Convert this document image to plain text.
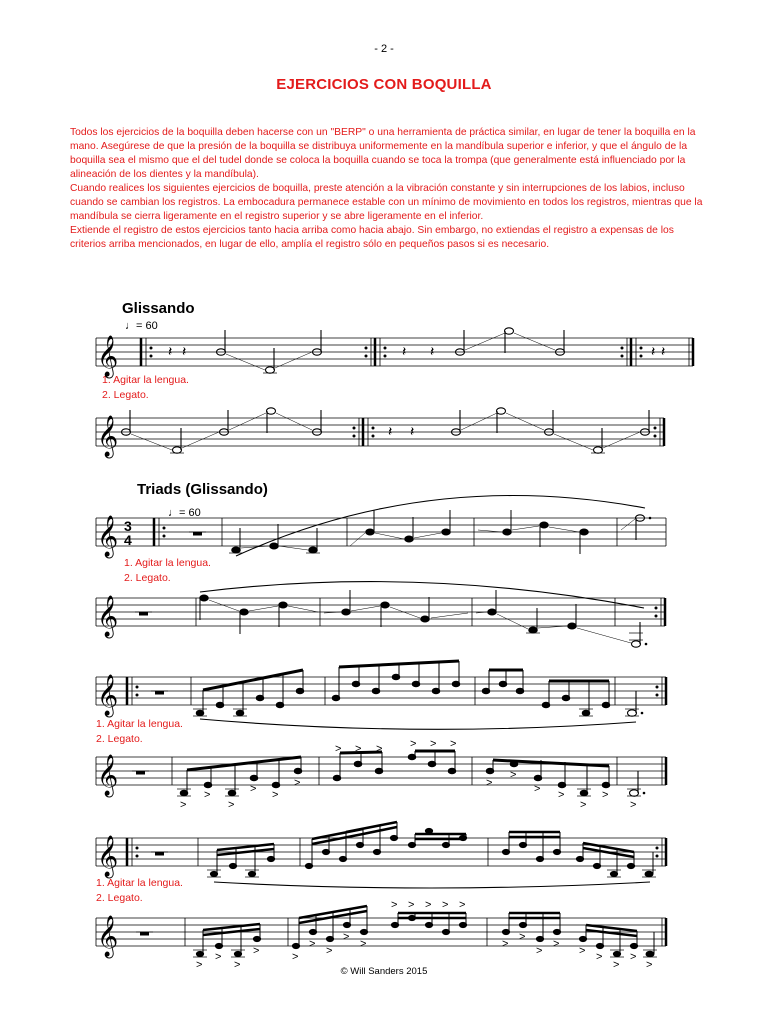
- 2 -
EJERCICIOS CON BOQUILLA

Todos los ejercicios de la boquilla deben hacerse con un "BERP" o una herramienta de práctica similar, en lugar de tener la boquilla en la mano. Asegúrese de que la presión de la boquilla se distribuya uniformemente en la mandíbula superior e inferior, y que el ángulo de la boquilla sea el mismo que el del tudel donde se coloca la boquilla cuando se toca la trompa (que generalmente está influenciado por la alineación de los dientes y la mandíbula).

Cuando realices los siguientes ejercicios de boquilla, preste atención a la vibración constante y sin interrupciones de los labios, incluso cuando se cambian los registros. La embocadura permanece estable con un mínimo de movimiento en todos los registros, mientras que la mandíbula se cierra ligeramente en el registro superior y se abre ligeramente en el inferior.

Extiende el registro de estos ejercicios tanto hacia arriba como hacia abajo. Sin embargo, no extiendas el registro a expensas de los criterios arriba mencionados, en lugar de ello, amplía el registro sólo en pequeños pasos si es necesario.

Glissando
♩= 60
Triads (Glissando)
♩= 60
1. Agitar la lengua.
2. Legato.
1. Agitar la lengua.
2. Legato.
1. Agitar la lengua.
2. Legato.
1. Agitar la lengua.
2. Legato.
𝄞	𝄽 𝄽	𝄽 𝄽	𝄽 𝄽
𝄞	𝄽 𝄽
𝄞 3
4
𝄞
𝄞
𝄞
>
>
>
> >
>
> > >	> > >
>
>
> >
>
>
>
𝄞
𝄞
>
>
>
>	>
>
>
>
>
> > > > >
>
>
>
>
> >
>
>
>
© Will Sanders 2015
